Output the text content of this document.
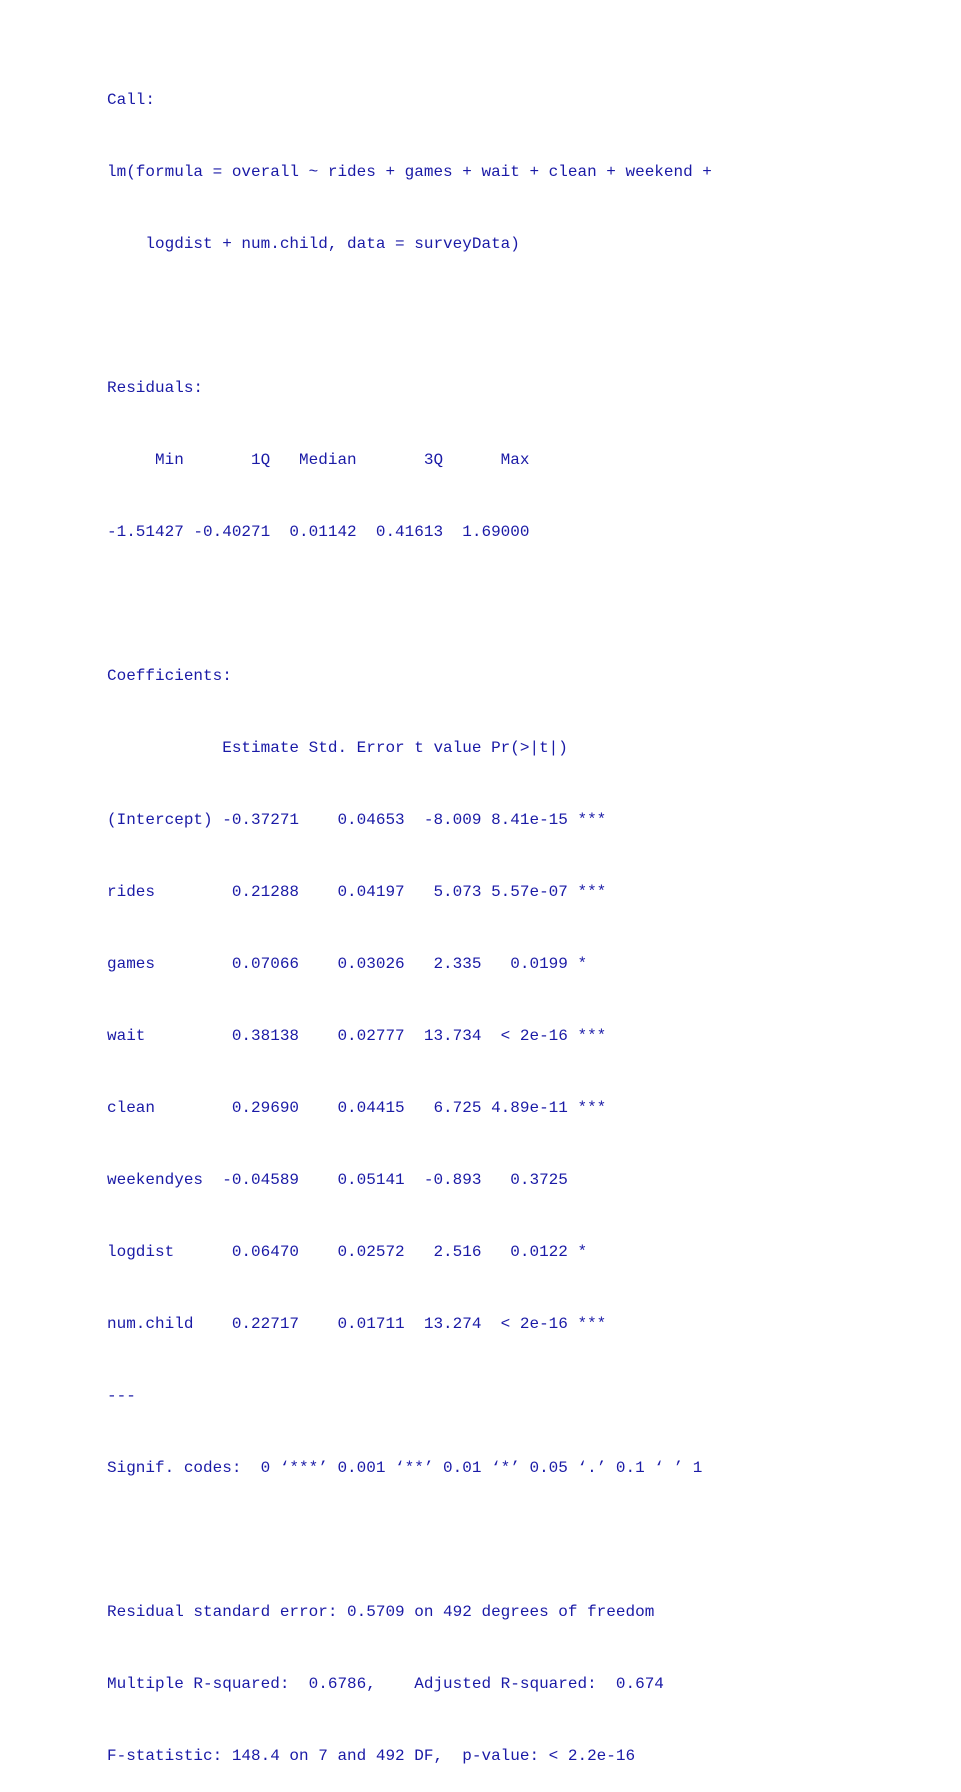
Call:

lm(formula = overall ~ rides + games + wait + clean + weekend +

logdist + num.child, data = surveyData)

Residuals:

Min       1Q   Median       3Q      Max

-1.51427 -0.40271  0.01142  0.41613  1.69000

Coefficients:

Estimate Std. Error t value Pr(>|t|)

(Intercept) -0.37271    0.04653  -8.009 8.41e-15 ***

rides        0.21288    0.04197   5.073 5.57e-07 ***

games        0.07066    0.03026   2.335   0.0199 *

wait         0.38138    0.02777  13.734  < 2e-16 ***

clean        0.29690    0.04415   6.725 4.89e-11 ***

weekendyes  -0.04589    0.05141  -0.893   0.3725

logdist      0.06470    0.02572   2.516   0.0122 *

num.child    0.22717    0.01711  13.274  < 2e-16 ***

---

Signif. codes:  0 ‘***’ 0.001 ‘**’ 0.01 ‘*’ 0.05 ‘.’ 0.1 ‘ ’ 1

Residual standard error: 0.5709 on 492 degrees of freedom

Multiple R-squared:  0.6786,    Adjusted R-squared:  0.674

F-statistic: 148.4 on 7 and 492 DF,  p-value: < 2.2e-16
